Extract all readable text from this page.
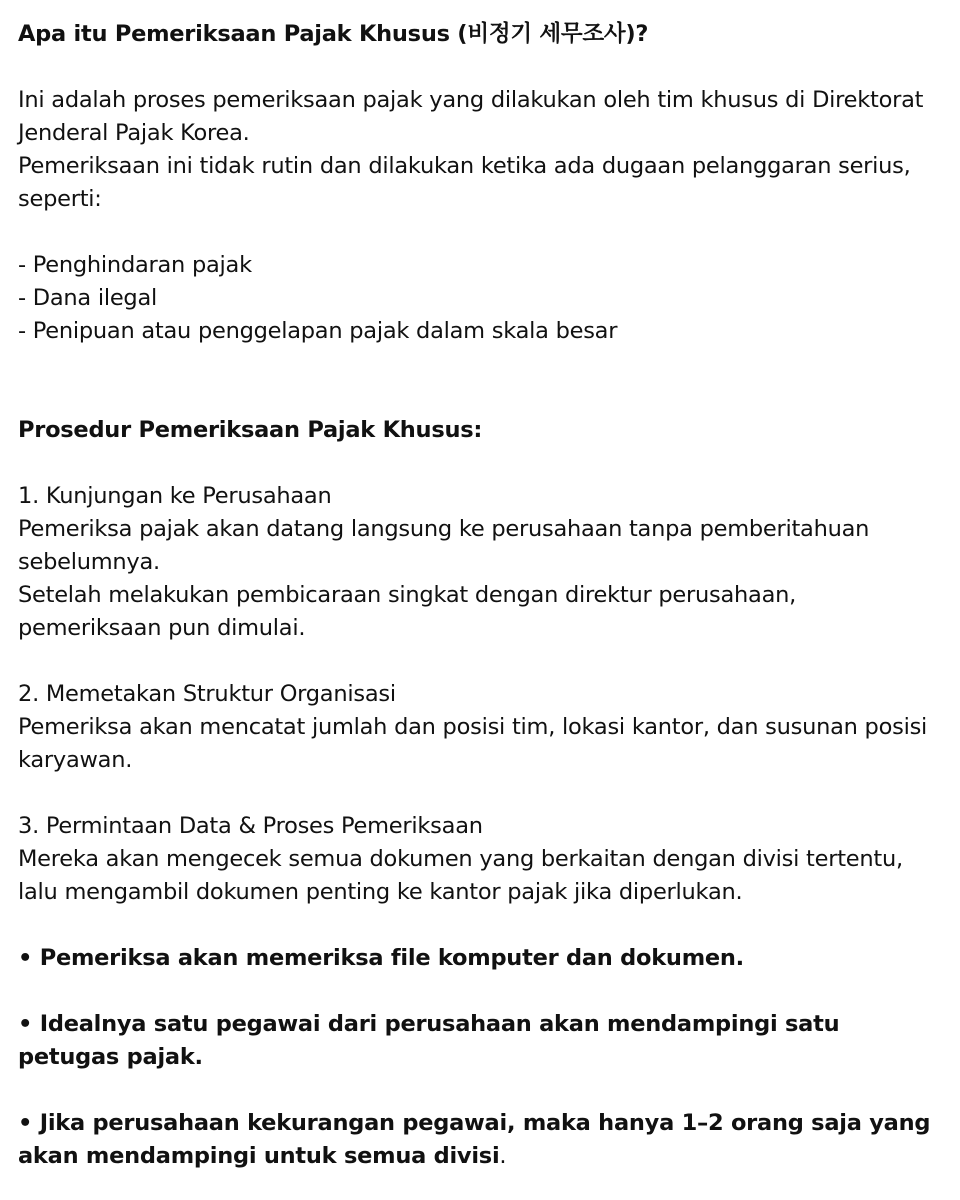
Apa itu Pemeriksaan Pajak Khusus (비정기 세무조사)?

Ini adalah proses pemeriksaan pajak yang dilakukan oleh tim khusus di Direktorat Jenderal Pajak Korea.

Pemeriksaan ini tidak rutin dan dilakukan ketika ada dugaan pelanggaran serius, seperti:

- Penghindaran pajak

- Dana ilegal

- Penipuan atau penggelapan pajak dalam skala besar

Prosedur Pemeriksaan Pajak Khusus:

1. Kunjungan ke Perusahaan

Pemeriksa pajak akan datang langsung ke perusahaan tanpa pemberitahuan sebelumnya.

Setelah melakukan pembicaraan singkat dengan direktur perusahaan, pemeriksaan pun dimulai.

2. Memetakan Struktur Organisasi

Pemeriksa akan mencatat jumlah dan posisi tim, lokasi kantor, dan susunan posisi karyawan.

3. Permintaan Data & Proses Pemeriksaan

Mereka akan mengecek semua dokumen yang berkaitan dengan divisi tertentu, lalu mengambil dokumen penting ke kantor pajak jika diperlukan.

• Pemeriksa akan memeriksa file komputer dan dokumen.

• Idealnya satu pegawai dari perusahaan akan mendampingi satu petugas pajak.

• Jika perusahaan kekurangan pegawai, maka hanya 1–2 orang saja yang akan mendampingi untuk semua divisi.
